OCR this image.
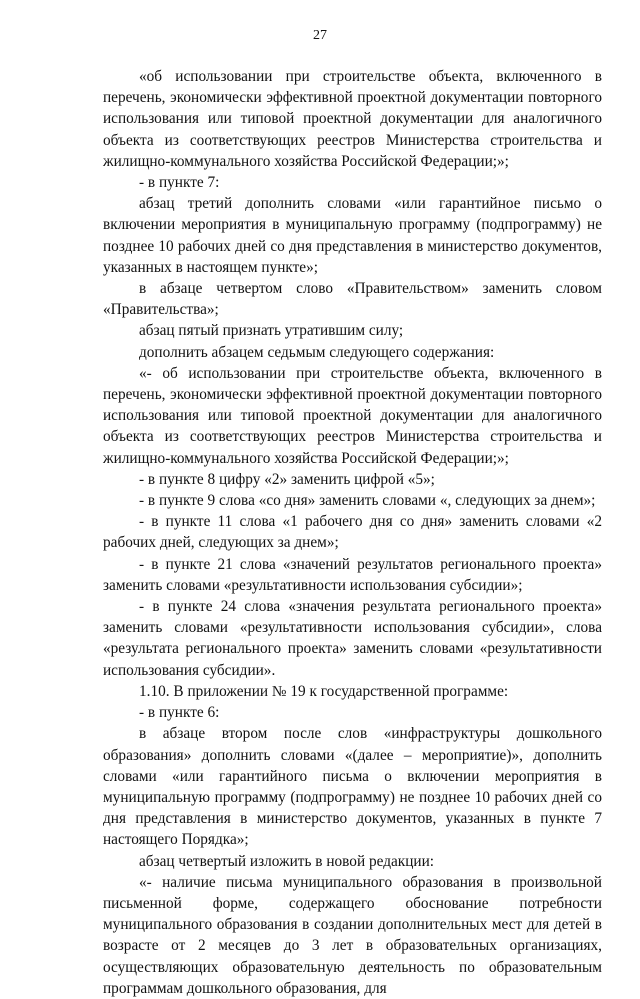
27

«об использовании при строительстве объекта, включенного в перечень, экономически эффективной проектной документации повторного использования или типовой проектной документации для аналогичного объекта из соответствующих реестров Министерства строительства и жилищно-коммунального хозяйства Российской Федерации;»;

- в пункте 7:

абзац третий дополнить словами «или гарантийное письмо о включении мероприятия в муниципальную программу (подпрограмму) не позднее 10 рабочих дней со дня представления в министерство документов, указанных в настоящем пункте»;

в абзаце четвертом слово «Правительством» заменить словом «Правительства»;

абзац пятый признать утратившим силу;

дополнить абзацем седьмым следующего содержания:

«- об использовании при строительстве объекта, включенного в перечень, экономически эффективной проектной документации повторного использования или типовой проектной документации для аналогичного объекта из соответствующих реестров Министерства строительства и жилищно-коммунального хозяйства Российской Федерации;»;

- в пункте 8 цифру «2» заменить цифрой «5»;

- в пункте 9 слова «со дня» заменить словами «, следующих за днем»;

- в пункте 11 слова «1 рабочего дня со дня» заменить словами «2 рабочих дней, следующих за днем»;

- в пункте 21 слова «значений результатов регионального проекта» заменить словами «результативности использования субсидии»;

- в пункте 24 слова «значения результата регионального проекта» заменить словами «результативности использования субсидии», слова «результата регионального проекта» заменить словами «результативности использования субсидии».

1.10. В приложении № 19 к государственной программе:

- в пункте 6:

в абзаце втором после слов «инфраструктуры дошкольного образования» дополнить словами «(далее – мероприятие)», дополнить словами «или гарантийного письма о включении мероприятия в муниципальную программу (подпрограмму) не позднее 10 рабочих дней со дня представления в министерство документов, указанных в пункте 7 настоящего Порядка»;

абзац четвертый изложить в новой редакции:

«- наличие письма муниципального образования в произвольной письменной форме, содержащего обоснование потребности муниципального образования в создании дополнительных мест для детей в возрасте от 2 месяцев до 3 лет в образовательных организациях, осуществляющих образовательную деятельность по образовательным программам дошкольного образования, для
